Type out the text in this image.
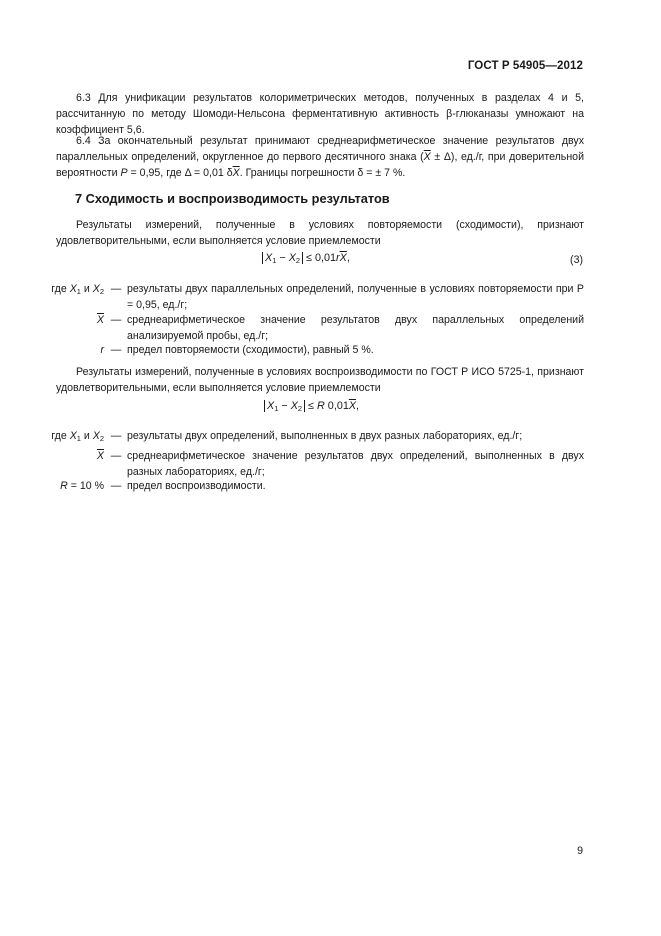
ГОСТ Р 54905—2012
6.3 Для унификации результатов колориметрических методов, полученных в разделах 4 и 5, рассчитанную по методу Шомоди-Нельсона ферментативную активность β-глюканазы умножают на коэффициент 5,6.
6.4 За окончательный результат принимают среднеарифметическое значение результатов двух параллельных определений, округленное до первого десятичного знака $(\overline{X} \pm \Delta)$, ед./г, при доверительной вероятности P = 0,95, где Δ = 0,01 $\delta\overline{X}$. Границы погрешности δ = ± 7 %.
7 Сходимость и воспроизводимость результатов
Результаты измерений, полученные в условиях повторяемости (сходимости), признают удовлетворительными, если выполняется условие приемлемости
$X_1 - X_2 \le 0,01r\overline{X}$,	(3)
где $X_1$ и $X_2$ — результаты двух параллельных определений, полученные в условиях повторяемости при P = 0,95, ед./г;
$\overline{X}$ — среднеарифметическое значение результатов двух параллельных определений анализируемой пробы, ед./г;
r — предел повторяемости (сходимости), равный 5 %.
Результаты измерений, полученные в условиях воспроизводимости по ГОСТ Р ИСО 5725-1, признают удовлетворительными, если выполняется условие приемлемости
$X_1 - X_2 \le R$ $0,01\overline{X}$,
где $X_1$ и $X_2$ — результаты двух определений, выполненных в двух разных лабораториях, ед./г;
$\overline{X}$ — среднеарифметическое значение результатов двух определений, выполненных в двух разных лабораториях, ед./г;
R = 10 % — предел воспроизводимости.
9
